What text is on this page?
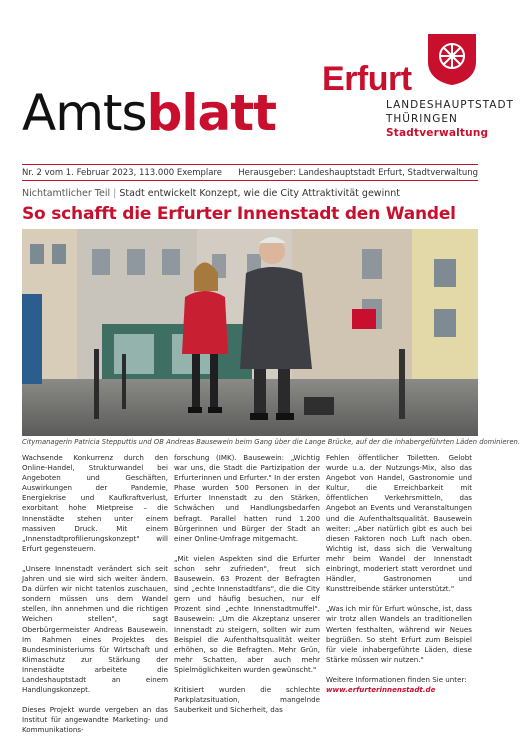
Amtsblatt
Erfurt
LANDESHAUPTSTADT
THÜRINGEN
Stadtverwaltung
Nr. 2 vom 1. Februar 2023, 113.000 Exemplare Herausgeber: Landeshauptstadt Erfurt, Stadtverwaltung
Nichtamtlicher Teil | Stadt entwickelt Konzept, wie die City Attraktivität gewinnt
So schafft die Erfurter Innenstadt den Wandel
Citymanagerin Patricia Stepputtis und OB Andreas Bausewein beim Gang über die Lange Brücke, auf der die inhabergeführten Läden dominieren.

Wachsende Konkurrenz durch den Online-Handel, Strukturwandel bei Angeboten und Geschäften, Auswirkungen der Pandemie, Energiekrise und Kaufkraftverlust, exorbitant hohe Mietpreise – die Innenstädte stehen unter einem massiven Druck. Mit einem „Innenstadtprofilierungskonzept" will Erfurt gegensteuern.

„Unsere Innenstadt verändert sich seit Jahren und sie wird sich weiter ändern. Da dürfen wir nicht tatenlos zuschauen, sondern müssen uns dem Wandel stellen, ihn annehmen und die richtigen Weichen stellen", sagt Oberbürgermeister Andreas Bausewein. Im Rahmen eines Projektes des Bundesministeriums für Wirtschaft und Klimaschutz zur Stärkung der Innenstädte arbeitete die Landeshauptstadt an einem Handlungskonzept.

Dieses Projekt wurde vergeben an das Institut für angewandte Marketing- und Kommunikations-

forschung (IMK). Bausewein: „Wichtig war uns, die Stadt die Partizipation der Erfurterinnen und Erfurter." In der ersten Phase wurden 500 Personen in der Erfurter Innenstadt zu den Stärken, Schwächen und Handlungsbedarfen befragt. Parallel hatten rund 1.200 Bürgerinnen und Bürger der Stadt an einer Online-Umfrage mitgemacht.

„Mit vielen Aspekten sind die Erfurter schon sehr zufrieden", freut sich Bausewein. 63 Prozent der Befragten sind „echte Innenstadtfans", die die City gern und häufig besuchen, nur elf Prozent sind „echte Innenstadtmuffel". Bausewein: „Um die Akzeptanz unserer Innenstadt zu steigern, sollten wir zum Beispiel die Aufenthaltsqualität weiter erhöhen, so die Befragten. Mehr Grün, mehr Schatten, aber auch mehr Spielmöglichkeiten wurden gewünscht."

Kritisiert wurden die schlechte Parkplatzsituation, mangelnde Sauberkeit und Sicherheit, das

Fehlen öffentlicher Toiletten. Gelobt wurde u.a. der Nutzungs-Mix, also das Angebot von Handel, Gastronomie und Kultur, die Erreichbarkeit mit öffentlichen Verkehrsmitteln, das Angebot an Events und Veranstaltungen und die Aufenthaltsqualität. Bausewein weiter: „Aber natürlich gibt es auch bei diesen Faktoren noch Luft nach oben. Wichtig ist, dass sich die Verwaltung mehr beim Wandel der Innenstadt einbringt, moderiert statt verordnet und Händler, Gastronomen und Kunsttreibende stärker unterstützt."

„Was ich mir für Erfurt wünsche, ist, dass wir trotz allen Wandels an traditionellen Werten festhalten, während wir Neues begrüßen. So steht Erfurt zum Beispiel für viele inhabergeführte Läden, diese Stärke müssen wir nutzen."

Weitere Informationen finden Sie unter:

www.erfurterinnenstadt.de
